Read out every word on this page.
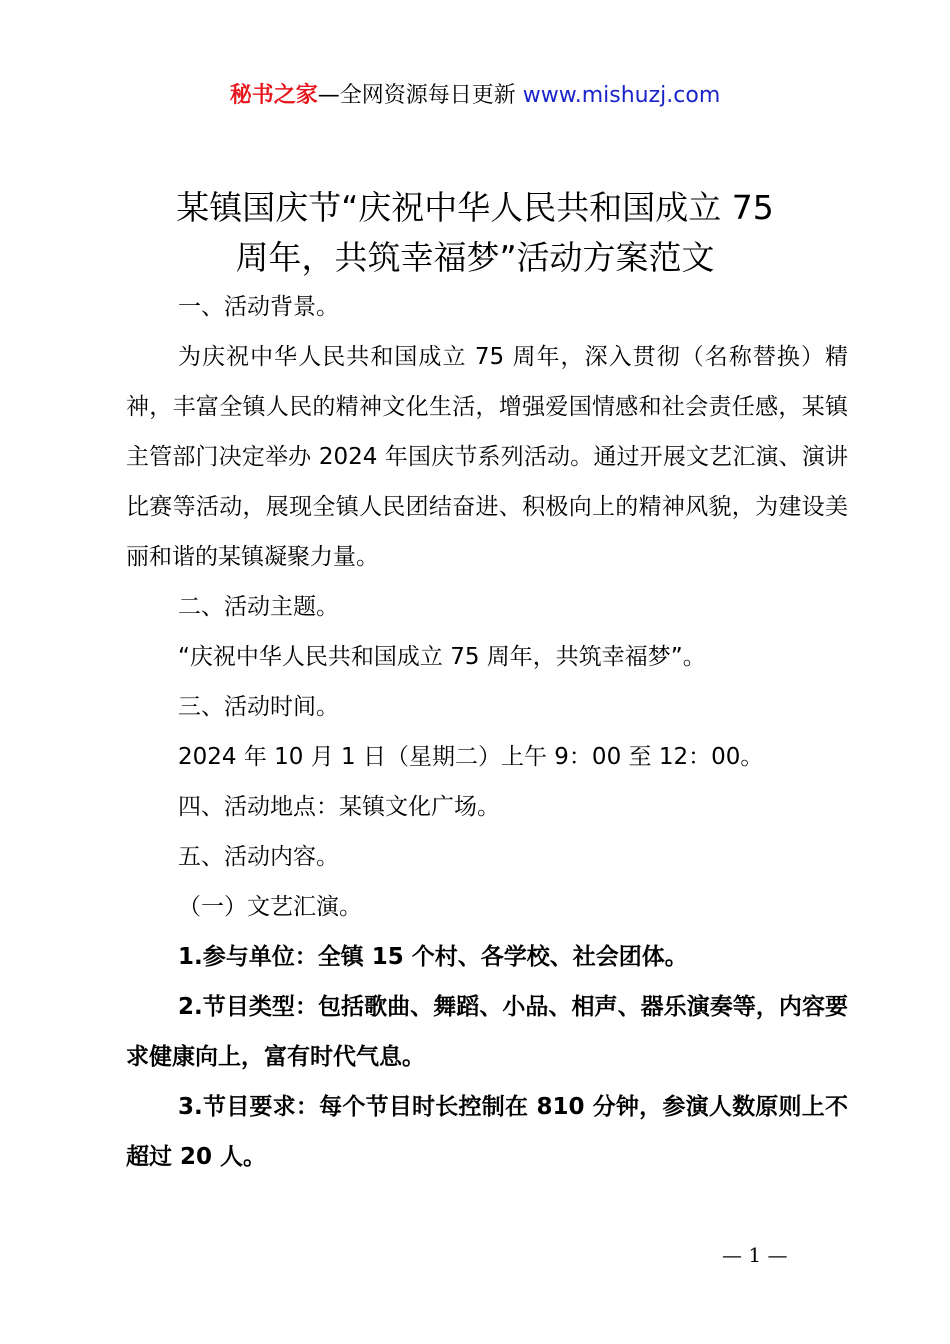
秘书之家—全网资源每日更新 www.mishuzj.com
某镇国庆节“庆祝中华人民共和国成立 75
周年，共筑幸福梦”活动方案范文

一、活动背景。

为庆祝中华人民共和国成立 75 周年，深入贯彻（名称替换）精神，丰富全镇人民的精神文化生活，增强爱国情感和社会责任感，某镇主管部门决定举办 2024 年国庆节系列活动。通过开展文艺汇演、演讲比赛等活动，展现全镇人民团结奋进、积极向上的精神风貌，为建设美丽和谐的某镇凝聚力量。

二、活动主题。

“庆祝中华人民共和国成立 75 周年，共筑幸福梦”。

三、活动时间。

2024 年 10 月 1 日（星期二）上午 9：00 至 12：00。

四、活动地点：某镇文化广场。

五、活动内容。

（一）文艺汇演。

1.参与单位：全镇 15 个村、各学校、社会团体。

2.节目类型：包括歌曲、舞蹈、小品、相声、器乐演奏等，内容要求健康向上，富有时代气息。

3.节目要求：每个节目时长控制在 810 分钟，参演人数原则上不超过 20 人。

— 1 —
